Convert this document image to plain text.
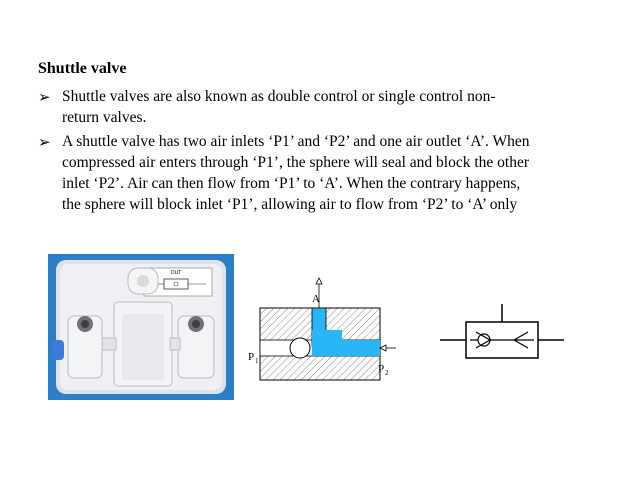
Shuttle valve
➢ Shuttle valves are also known as double control or single control non-
return valves.
➢ A shuttle valve has two air inlets ‘P1’ and ‘P2’ and one air outlet ‘A’. When
compressed air enters through ‘P1’, the sphere will seal and block the other
inlet ‘P2’. Air can then flow from ‘P1’ to ‘A’. When the contrary happens,
the sphere will block inlet ‘P1’, allowing air to flow from ‘P2’ to ‘A’ only
OUT
A
P 1
P 2
